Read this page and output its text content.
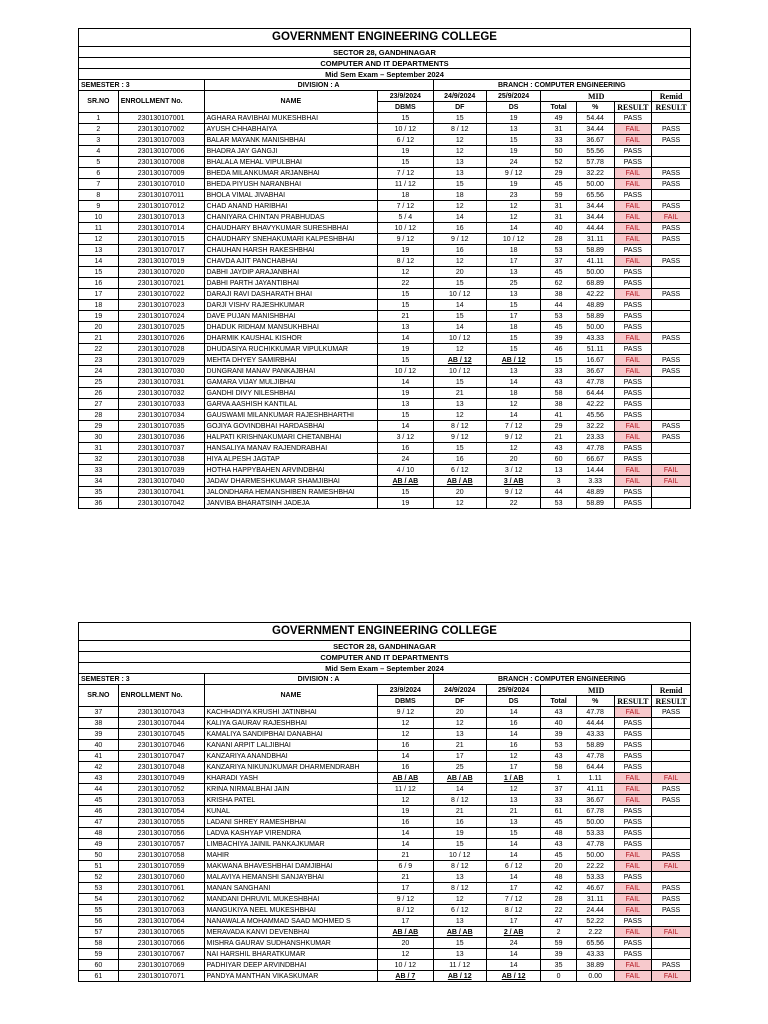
GOVERNMENT ENGINEERING COLLEGE									
SECTOR 28, GANDHINAGAR									
COMPUTER AND IT DEPARTMENTS									
Mid Sem Exam – September 2024									
SEMESTER : 3		DIVISION : A		BRANCH : COMPUTER ENGINEERING					
SR.NO	ENROLLMENT No.	NAME	23/9/2024	24/9/2024	25/9/2024	MID			Remid
			DBMS	DF	DS	Total	%	RESULT	RESULT
1	230130107001	AGHARA RAVIBHAI MUKESHBHAI	15	15	19	49	54.44	PASS	
2	230130107002	AYUSH CHHABHAIYA	10 / 12	8 / 12	13	31	34.44	FAIL	PASS
3	230130107003	BALAR MAYANK MANISHBHAI	6 / 12	12	15	33	36.67	FAIL	PASS
4	230130107006	BHADRA JAY GANGJI	19	12	19	50	55.56	PASS	
5	230130107008	BHALALA MEHAL VIPULBHAI	15	13	24	52	57.78	PASS	
6	230130107009	BHEDA MILANKUMAR ARJANBHAI	7 / 12	13	9 / 12	29	32.22	FAIL	PASS
7	230130107010	BHEDA PIYUSH NARANBHAI	11 / 12	15	19	45	50.00	FAIL	PASS
8	230130107011	BHOLA VIMAL JIVABHAI	18	18	23	59	65.56	PASS	
9	230130107012	CHAD ANAND HARIBHAI	7 / 12	12	12	31	34.44	FAIL	PASS
10	230130107013	CHANIYARA CHINTAN PRABHUDAS	5 / 4	14	12	31	34.44	FAIL	FAIL
11	230130107014	CHAUDHARY BHAVYKUMAR SURESHBHAI	10 / 12	16	14	40	44.44	FAIL	PASS
12	230130107015	CHAUDHARY SNEHAKUMARI KALPESHBHAI	9 / 12	9 / 12	10 / 12	28	31.11	FAIL	PASS
13	230130107017	CHAUHAN HARSH RAKESHBHAI	19	16	18	53	58.89	PASS	
14	230130107019	CHAVDA AJIT PANCHABHAI	8 / 12	12	17	37	41.11	FAIL	PASS
15	230130107020	DABHI JAYDIP ARAJANBHAI	12	20	13	45	50.00	PASS	
16	230130107021	DABHI PARTH JAYANTIBHAI	22	15	25	62	68.89	PASS	
17	230130107022	DARAJI RAVI DASHARATH BHAI	15	10 / 12	13	38	42.22	FAIL	PASS
18	230130107023	DARJI VISHV RAJESHKUMAR	15	14	15	44	48.89	PASS	
19	230130107024	DAVE PUJAN MANISHBHAI	21	15	17	53	58.89	PASS	
20	230130107025	DHADUK RIDHAM MANSUKHBHAI	13	14	18	45	50.00	PASS	
21	230130107026	DHARMIK KAUSHAL KISHOR	14	10 / 12	15	39	43.33	FAIL	PASS
22	230130107028	DHUDASIYA RUCHIKKUMAR VIPULKUMAR	19	12	15	46	51.11	PASS	
23	230130107029	MEHTA DHYEY SAMIRBHAI	15	AB / 12	AB / 12	15	16.67	FAIL	PASS
24	230130107030	DUNGRANI MANAV PANKAJBHAI	10 / 12	10 / 12	13	33	36.67	FAIL	PASS
25	230130107031	GAMARA VIJAY MULJIBHAI	14	15	14	43	47.78	PASS	
26	230130107032	GANDHI DIVY NILESHBHAI	19	21	18	58	64.44	PASS	
27	230130107033	GARVA AASHISH KANTILAL	13	13	12	38	42.22	PASS	
28	230130107034	GAUSWAMI MILANKUMAR RAJESHBHARTHI	15	12	14	41	45.56	PASS	
29	230130107035	GOJIYA GOVINDBHAI HARDASBHAI	14	8 / 12	7 / 12	29	32.22	FAIL	PASS
30	230130107036	HALPATI KRISHNAKUMARI CHETANBHAI	3 / 12	9 / 12	9 / 12	21	23.33	FAIL	PASS
31	230130107037	HANSALIYA MANAV RAJENDRABHAI	16	15	12	43	47.78	PASS	
32	230130107038	HIYA ALPESH JAGTAP	24	16	20	60	66.67	PASS	
33	230130107039	HOTHA HAPPYBAHEN ARVINDBHAI	4 / 10	6 / 12	3 / 12	13	14.44	FAIL	FAIL
34	230130107040	JADAV DHARMESHKUMAR SHAMJIBHAI	AB / AB	AB / AB	3 / AB	3	3.33	FAIL	FAIL
35	230130107041	JALONDHARA HEMANSHIBEN RAMESHBHAI	15	20	9 / 12	44	48.89	PASS	
36	230130107042	JANVIBA BHARATSINH JADEJA	19	12	22	53	58.89	PASS	
GOVERNMENT ENGINEERING COLLEGE									
SECTOR 28, GANDHINAGAR									
COMPUTER AND IT DEPARTMENTS									
Mid Sem Exam – September 2024									
SEMESTER : 3		DIVISION : A		BRANCH : COMPUTER ENGINEERING					
SR.NO	ENROLLMENT No.	NAME	23/9/2024	24/9/2024	25/9/2024	MID			Remid
			DBMS	DF	DS	Total	%	RESULT	RESULT
37	230130107043	KACHHADIYA KRUSHI JATINBHAI	9 / 12	20	14	43	47.78	FAIL	PASS
38	230130107044	KALIYA GAURAV RAJESHBHAI	12	12	16	40	44.44	PASS	
39	230130107045	KAMALIYA SANDIPBHAI DANABHAI	12	13	14	39	43.33	PASS	
40	230130107046	KANANI ARPIT LALJIBHAI	16	21	16	53	58.89	PASS	
41	230130107047	KANZARIYA ANANDBHAI	14	17	12	43	47.78	PASS	
42	230130107048	KANZARIYA NIKUNJKUMAR DHARMENDRABH	16	25	17	58	64.44	PASS	
43	230130107049	KHARADI YASH	AB / AB	AB / AB	1 / AB	1	1.11	FAIL	FAIL
44	230130107052	KRINA NIRMALBHAI JAIN	11 / 12	14	12	37	41.11	FAIL	PASS
45	230130107053	KRISHA PATEL	12	8 / 12	13	33	36.67	FAIL	PASS
46	230130107054	KUNAL	19	21	21	61	67.78	PASS	
47	230130107055	LADANI SHREY RAMESHBHAI	16	16	13	45	50.00	PASS	
48	230130107056	LADVA KASHYAP VIRENDRA	14	19	15	48	53.33	PASS	
49	230130107057	LIMBACHIYA JAINIL PANKAJKUMAR	14	15	14	43	47.78	PASS	
50	230130107058	MAHIR	21	10 / 12	14	45	50.00	FAIL	PASS
51	230130107059	MAKWANA BHAVESHBHAI DAMJIBHAI	6 / 9	8 / 12	6 / 12	20	22.22	FAIL	FAIL
52	230130107060	MALAVIYA HEMANSHI SANJAYBHAI	21	13	14	48	53.33	PASS	
53	230130107061	MANAN SANGHANI	17	8 / 12	17	42	46.67	FAIL	PASS
54	230130107062	MANDANI DHRUVIL MUKESHBHAI	9 / 12	12	7 / 12	28	31.11	FAIL	PASS
55	230130107063	MANGUKIYA NEEL MUKESHBHAI	8 / 12	6 / 12	8 / 12	22	24.44	FAIL	PASS
56	230130107064	NANAWALA MOHAMMAD SAAD MOHMED S	17	13	17	47	52.22	PASS	
57	230130107065	MERAVADA KANVI DEVENBHAI	AB / AB	AB / AB	2 / AB	2	2.22	FAIL	FAIL
58	230130107066	MISHRA GAURAV SUDHANSHKUMAR	20	15	24	59	65.56	PASS	
59	230130107067	NAI HARSHIL BHARATKUMAR	12	13	14	39	43.33	PASS	
60	230130107069	PADHIYAR DEEP ARVINDBHAI	10 / 12	11 / 12	14	35	38.89	FAIL	PASS
61	230130107071	PANDYA MANTHAN VIKASKUMAR	AB / 7	AB / 12	AB / 12	0	0.00	FAIL	FAIL
